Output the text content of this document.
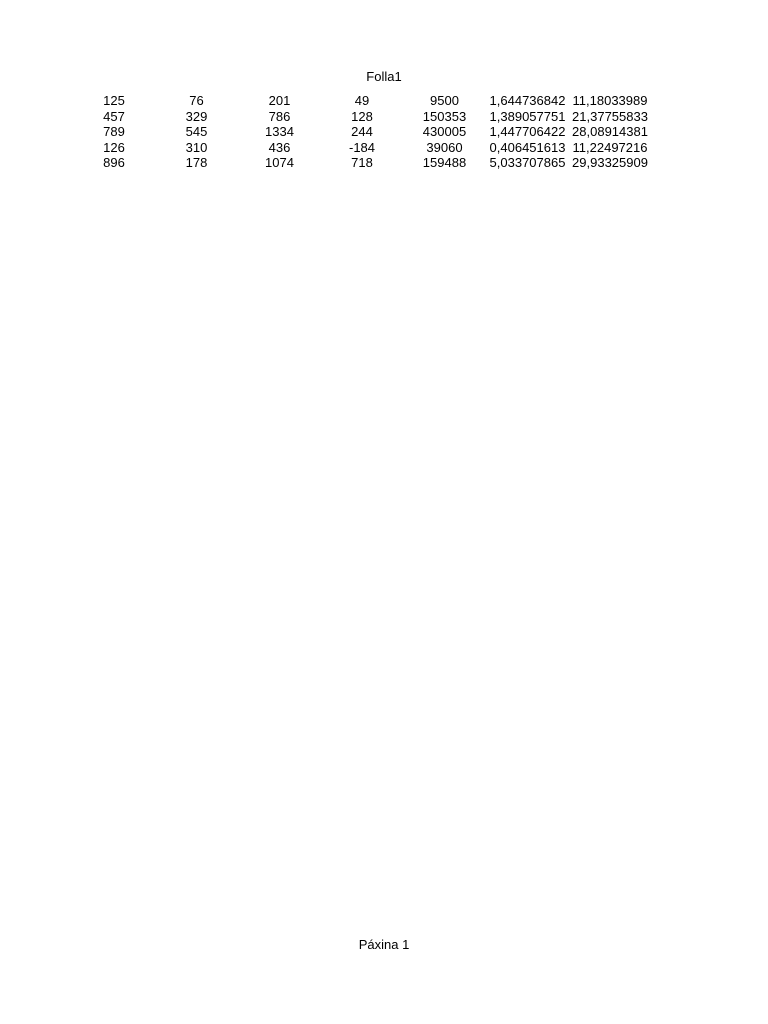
Folla1
125	76	201	49	9500	1,644736842	11,18033989
457	329	786	128	150353	1,389057751	21,37755833
789	545	1334	244	430005	1,447706422	28,08914381
126	310	436	-184	39060	0,406451613	11,22497216
896	178	1074	718	159488	5,033707865	29,93325909
Páxina 1
